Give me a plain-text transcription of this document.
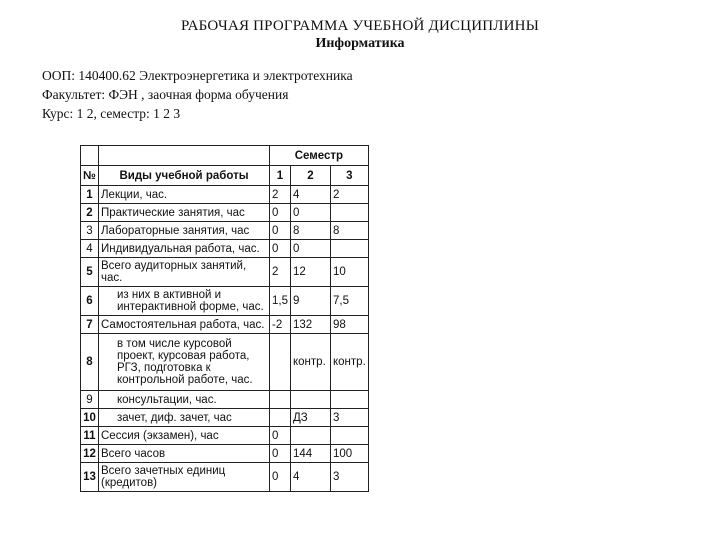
РАБОЧАЯ ПРОГРАММА УЧЕБНОЙ ДИСЦИПЛИНЫ
Информатика
ООП: 140400.62 Электроэнергетика и электротехника
Факультет: ФЭН , заочная форма обучения
Курс: 1 2, семестр: 1 2 3
		Семестр		
№	Виды учебной работы	1	2	3
1	Лекции, час.	2	4	2
2	Практические занятия, час	0	0	
3	Лабораторные занятия, час	0	8	8
4	Индивидуальная работа, час.	0	0	
5	Всего аудиторных занятий, час.	2	12	10
6	из них в активной и интерактивной форме, час.	1,5	9	7,5
7	Самостоятельная работа, час.	-2	132	98
8	в том числе курсовой проект, курсовая работа, РГЗ, подготовка к контрольной работе, час.		контр.	контр.
9	консультации, час.			
10	зачет, диф. зачет, час		ДЗ	3
11	Сессия (экзамен), час	0		
12	Всего часов	0	144	100
13	Всего зачетных единиц (кредитов)	0	4	3
